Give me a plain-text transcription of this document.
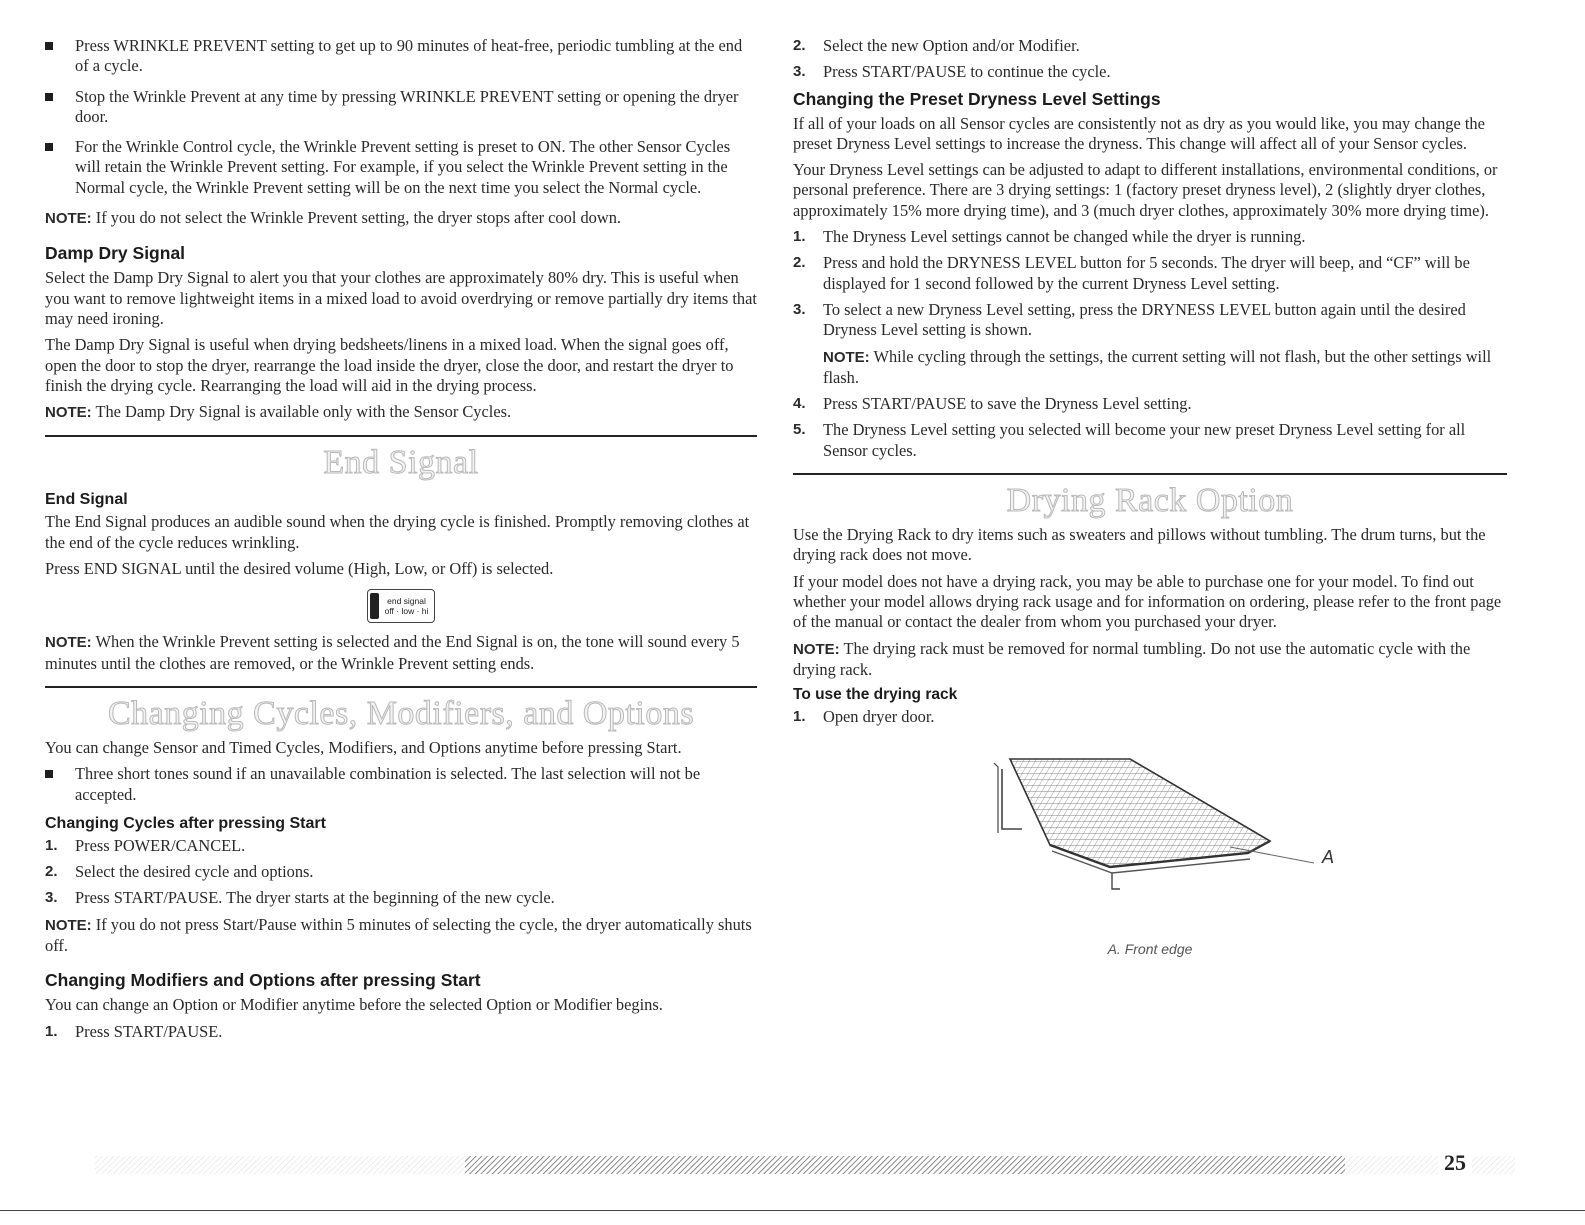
Press WRINKLE PREVENT setting to get up to 90 minutes of heat-free, periodic tumbling at the end of a cycle.
Stop the Wrinkle Prevent at any time by pressing WRINKLE PREVENT setting or opening the dryer door.
For the Wrinkle Control cycle, the Wrinkle Prevent setting is preset to ON. The other Sensor Cycles will retain the Wrinkle Prevent setting. For example, if you select the Wrinkle Prevent setting in the Normal cycle, the Wrinkle Prevent setting will be on the next time you select the Normal cycle.

NOTE: If you do not select the Wrinkle Prevent setting, the dryer stops after cool down.

Damp Dry Signal

Select the Damp Dry Signal to alert you that your clothes are approximately 80% dry. This is useful when you want to remove lightweight items in a mixed load to avoid overdrying or remove partially dry items that may need ironing.

The Damp Dry Signal is useful when drying bedsheets/linens in a mixed load. When the signal goes off, open the door to stop the dryer, rearrange the load inside the dryer, close the door, and restart the dryer to finish the drying cycle. Rearranging the load will aid in the drying process.

NOTE: The Damp Dry Signal is available only with the Sensor Cycles.

End Signal
End Signal

The End Signal produces an audible sound when the drying cycle is finished. Promptly removing clothes at the end of the cycle reduces wrinkling.

Press END SIGNAL until the desired volume (High, Low, or Off) is selected.

end signal
off · low · hi

NOTE: When the Wrinkle Prevent setting is selected and the End Signal is on, the tone will sound every 5 minutes until the clothes are removed, or the Wrinkle Prevent setting ends.

Changing Cycles, Modifiers, and Options

You can change Sensor and Timed Cycles, Modifiers, and Options anytime before pressing Start.

Three short tones sound if an unavailable combination is selected. The last selection will not be accepted.
Changing Cycles after pressing Start
1. Press POWER/CANCEL.
2. Select the desired cycle and options.
3. Press START/PAUSE. The dryer starts at the beginning of the new cycle.

NOTE: If you do not press Start/Pause within 5 minutes of selecting the cycle, the dryer automatically shuts off.

Changing Modifiers and Options after pressing Start

You can change an Option or Modifier anytime before the selected Option or Modifier begins.

1. Press START/PAUSE.
2. Select the new Option and/or Modifier.
3. Press START/PAUSE to continue the cycle.
Changing the Preset Dryness Level Settings

If all of your loads on all Sensor cycles are consistently not as dry as you would like, you may change the preset Dryness Level settings to increase the dryness. This change will affect all of your Sensor cycles.

Your Dryness Level settings can be adjusted to adapt to different installations, environmental conditions, or personal preference. There are 3 drying settings: 1 (factory preset dryness level), 2 (slightly dryer clothes, approximately 15% more drying time), and 3 (much dryer clothes, approximately 30% more drying time).

1. The Dryness Level settings cannot be changed while the dryer is running.
2. Press and hold the DRYNESS LEVEL button for 5 seconds. The dryer will beep, and “CF” will be displayed for 1 second followed by the current Dryness Level setting.
3. To select a new Dryness Level setting, press the DRYNESS LEVEL button again until the desired Dryness Level setting is shown.

NOTE: While cycling through the settings, the current setting will not flash, but the other settings will flash.

4. Press START/PAUSE to save the Dryness Level setting.
5. The Dryness Level setting you selected will become your new preset Dryness Level setting for all Sensor cycles.
Drying Rack Option

Use the Drying Rack to dry items such as sweaters and pillows without tumbling. The drum turns, but the drying rack does not move.

If your model does not have a drying rack, you may be able to purchase one for your model. To find out whether your model allows drying rack usage and for information on ordering, please refer to the front page of the manual or contact the dealer from whom you purchased your dryer.

NOTE: The drying rack must be removed for normal tumbling. Do not use the automatic cycle with the drying rack.

To use the drying rack
1. Open dryer door.
A
A. Front edge
25
